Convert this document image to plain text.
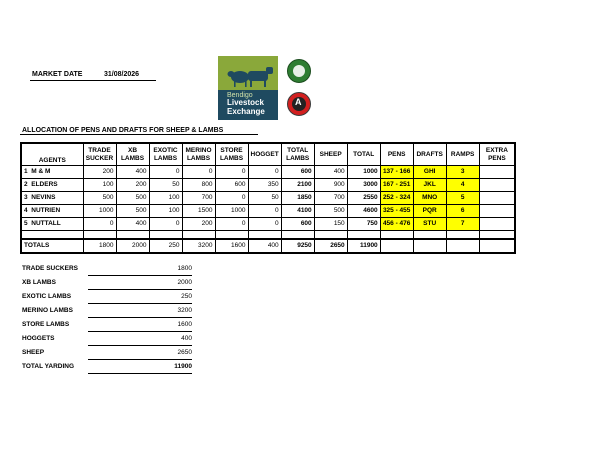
MARKET DATE	31/08/2026
Bendigo
Livestock
Exchange
A
ALLOCATION OF PENS AND DRAFTS FOR SHEEP & LAMBS
AGENTS	TRADE SUCKER	XB LAMBS	EXOTIC LAMBS	MERINO LAMBS	STORE LAMBS	HOGGET	TOTAL LAMBS	SHEEP	TOTAL	PENS	DRAFTS	RAMPS	EXTRA PENS
1 M & M	200	400	0	0	0	0	600	400	1000	137 - 166	GHI	3	
2 ELDERS	100	200	50	800	600	350	2100	900	3000	167 - 251	JKL	4	
3 NEVINS	500	500	100	700	0	50	1850	700	2550	252 - 324	MNO	5	
4 NUTRIEN	1000	500	100	1500	1000	0	4100	500	4600	325 - 455	PQR	6	
5 NUTTALL	0	400	0	200	0	0	600	150	750	456 - 476	STU	7	

TOTALS	1800	2000	250	3200	1600	400	9250	2650	11900				
TRADE SUCKERS	1800
XB LAMBS	2000
EXOTIC LAMBS	250
MERINO LAMBS	3200
STORE LAMBS	1600
HOGGETS	400
SHEEP	2650
TOTAL YARDING	11900
